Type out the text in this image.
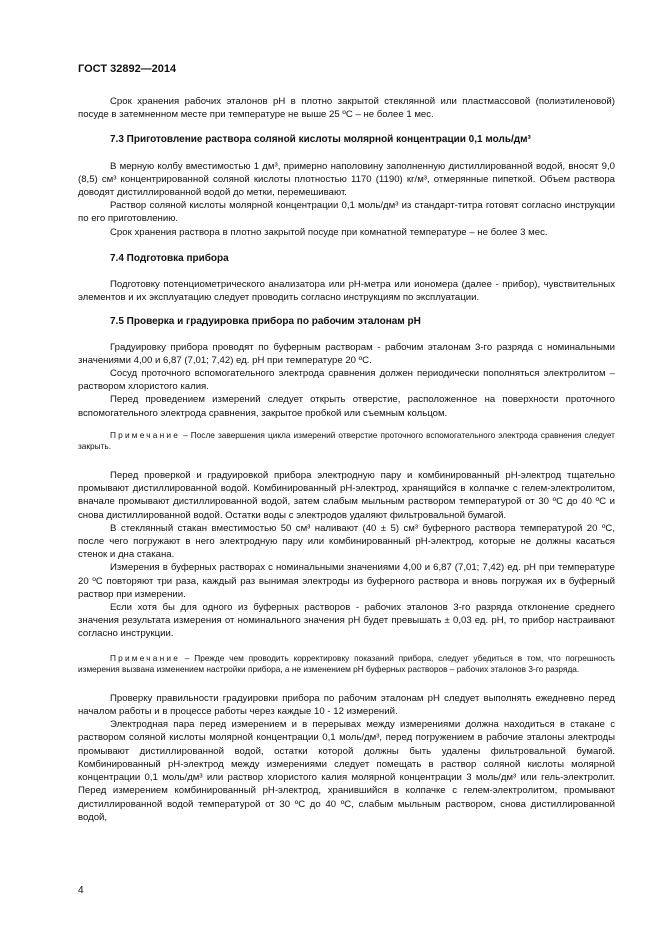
ГОСТ 32892—2014

Срок хранения рабочих эталонов рН в плотно закрытой стеклянной или пластмассовой (полиэтиленовой) посуде в затемненном месте при температуре не выше 25 ºС – не более 1 мес.

7.3 Приготовление раствора соляной кислоты молярной концентрации 0,1 моль/дм³

В мерную колбу вместимостью 1 дм³, примерно наполовину заполненную дистиллированной водой, вносят 9,0 (8,5) см³ концентрированной соляной кислоты плотностью 1170 (1190) кг/м³, отмерянные пипеткой. Объем раствора доводят дистиллированной водой до метки, перемешивают.

Раствор соляной кислоты молярной концентрации 0,1 моль/дм³ из стандарт-титра готовят согласно инструкции по его приготовлению.

Срок хранения раствора в плотно закрытой посуде при комнатной температуре – не более 3 мес.

7.4 Подготовка прибора

Подготовку потенциометрического анализатора или рН-метра или иономера (далее - прибор), чувствительных элементов и их эксплуатацию следует проводить согласно инструкциям по эксплуатации.

7.5 Проверка и градуировка прибора по рабочим эталонам рН

Градуировку прибора проводят по буферным растворам - рабочим эталонам 3-го разряда с номинальными значениями 4,00 и 6,87 (7,01; 7,42) ед. рН при температуре 20 ºС.

Сосуд проточного вспомогательного электрода сравнения должен периодически пополняться электролитом – раствором хлористого калия.

Перед проведением измерений следует открыть отверстие, расположенное на поверхности проточного вспомогательного электрода сравнения, закрытое пробкой или съемным кольцом.

Примечание – После завершения цикла измерений отверстие проточного вспомогательного электрода сравнения следует закрыть.

Перед проверкой и градуировкой прибора электродную пару и комбинированный рН-электрод тщательно промывают дистиллированной водой. Комбинированный рН-электрод, хранящийся в колпачке с гелем-электролитом, вначале промывают дистиллированной водой, затем слабым мыльным раствором температурой от 30 ºС до 40 ºС и снова дистиллированной водой. Остатки воды с электродов удаляют фильтровальной бумагой.

В стеклянный стакан вместимостью 50 см³ наливают (40 ± 5) см³ буферного раствора температурой 20 ºС, после чего погружают в него электродную пару или комбинированный рН-электрод, которые не должны касаться стенок и дна стакана.

Измерения в буферных растворах с номинальными значениями 4,00 и 6,87 (7,01; 7,42) ед. рН при температуре 20 ºС повторяют три раза, каждый раз вынимая электроды из буферного раствора и вновь погружая их в буферный раствор при измерении.

Если хотя бы для одного из буферных растворов - рабочих эталонов 3-го разряда отклонение среднего значения результата измерения от номинального значения рН будет превышать ± 0,03 ед. рН, то прибор настраивают согласно инструкции.

Примечание – Прежде чем проводить корректировку показаний прибора, следует убедиться в том, что погрешность измерения вызвана изменением настройки прибора, а не изменением рН буферных растворов – рабочих эталонов 3-го разряда.

Проверку правильности градуировки прибора по рабочим эталонам рН следует выполнять ежедневно перед началом работы и в процессе работы через каждые 10 - 12 измерений.

Электродная пара перед измерением и в перерывах между измерениями должна находиться в стакане с раствором соляной кислоты молярной концентрации 0,1 моль/дм³, перед погружением в рабочие эталоны электроды промывают дистиллированной водой, остатки которой должны быть удалены фильтровальной бумагой. Комбинированный рН-электрод между измерениями следует помещать в раствор соляной кислоты молярной концентрации 0,1 моль/дм³ или раствор хлористого калия молярной концентрации 3 моль/дм³ или гель-электролит. Перед измерением комбинированный рН-электрод, хранившийся в колпачке с гелем-электролитом, промывают дистиллированной водой температурой от 30 ºС до 40 ºС, слабым мыльным раствором, снова дистиллированной водой,

4
